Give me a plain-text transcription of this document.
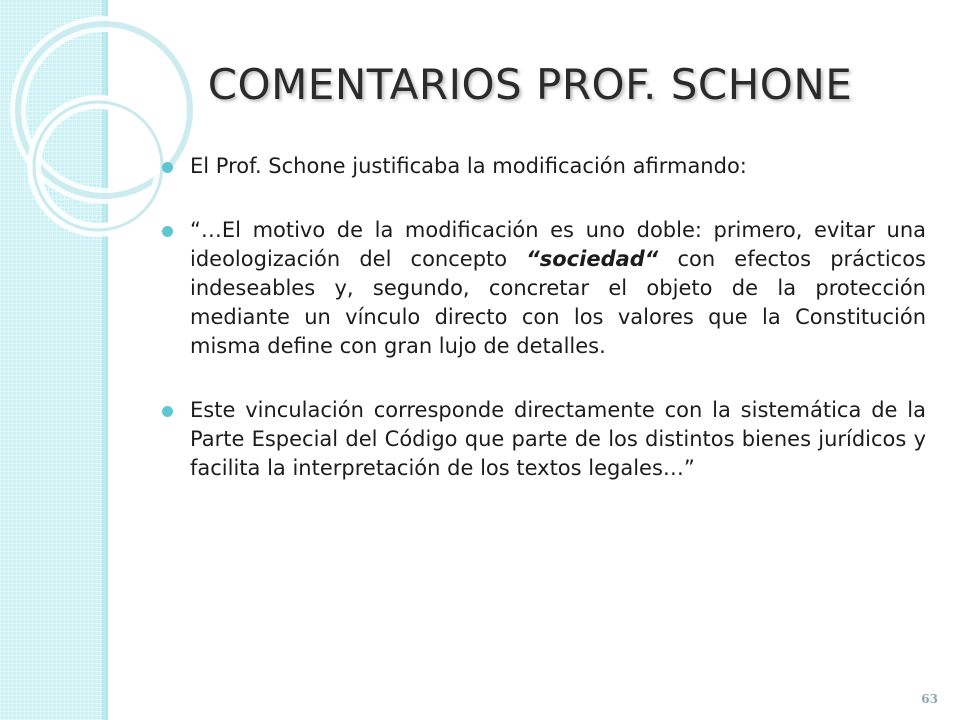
COMENTARIOS PROF. SCHONE
El Prof. Schone justificaba la modificación afirmando:
“…El motivo de la modificación es uno doble: primero, evitar una ideologización del concepto “sociedad“ con efectos prácticos indeseables y, segundo, concretar el objeto de la protección mediante un vínculo directo con los valores que la Constitución misma define con gran lujo de detalles.
Este vinculación corresponde directamente con la sistemática de la Parte Especial del Código que parte de los distintos bienes jurídicos y facilita la interpretación de los textos legales…”
63
